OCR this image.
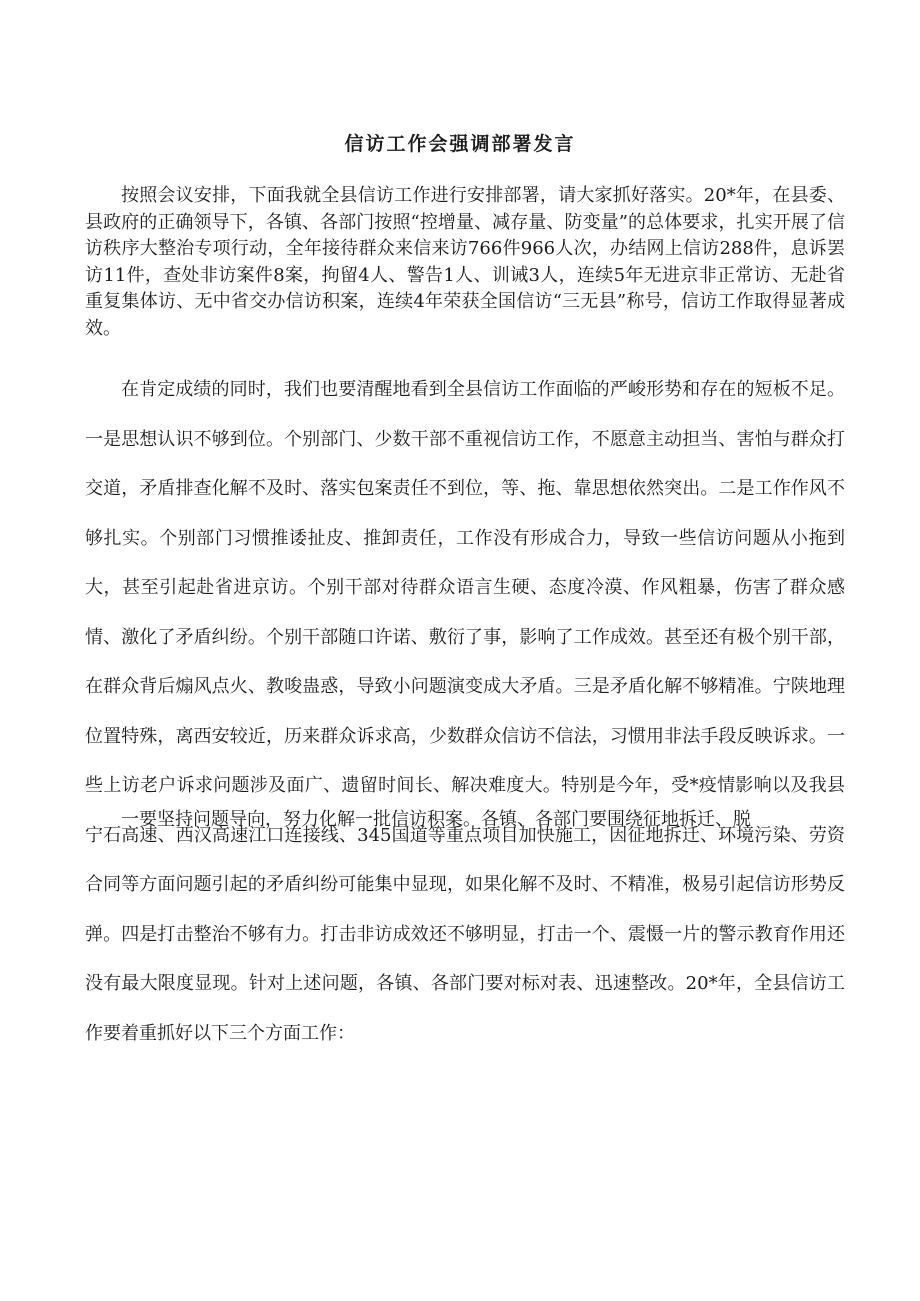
信访工作会强调部署发言

按照会议安排，下面我就全县信访工作进行安排部署，请大家抓好落实。20*年，在县委、县政府的正确领导下，各镇、各部门按照“控增量、减存量、防变量”的总体要求，扎实开展了信访秩序大整治专项行动，全年接待群众来信来访766件966人次，办结网上信访288件，息诉罢访11件，查处非访案件8案，拘留4人、警告1人、训诫3人，连续5年无进京非正常访、无赴省重复集体访、无中省交办信访积案，连续4年荣获全国信访“三无县”称号，信访工作取得显著成效。

在肯定成绩的同时，我们也要清醒地看到全县信访工作面临的严峻形势和存在的短板不足。一是思想认识不够到位。个别部门、少数干部不重视信访工作，不愿意主动担当、害怕与群众打交道，矛盾排查化解不及时、落实包案责任不到位，等、拖、靠思想依然突出。二是工作作风不够扎实。个别部门习惯推诿扯皮、推卸责任，工作没有形成合力，导致一些信访问题从小拖到大，甚至引起赴省进京访。个别干部对待群众语言生硬、态度冷漠、作风粗暴，伤害了群众感情、激化了矛盾纠纷。个别干部随口许诺、敷衍了事，影响了工作成效。甚至还有极个别干部，在群众背后煽风点火、教唆蛊惑，导致小问题演变成大矛盾。三是矛盾化解不够精准。宁陕地理位置特殊，离西安较近，历来群众诉求高，少数群众信访不信法，习惯用非法手段反映诉求。一些上访老户诉求问题涉及面广、遗留时间长、解决难度大。特别是今年，受*疫情影响以及我县宁石高速、西汉高速江口连接线、345国道等重点项目加快施工，因征地拆迁、环境污染、劳资合同等方面问题引起的矛盾纠纷可能集中显现，如果化解不及时、不精准，极易引起信访形势反弹。四是打击整治不够有力。打击非访成效还不够明显，打击一个、震慑一片的警示教育作用还没有最大限度显现。针对上述问题，各镇、各部门要对标对表、迅速整改。20*年，全县信访工作要着重抓好以下三个方面工作：

一要坚持问题导向，努力化解一批信访积案。各镇、各部门要围绕征地拆迁、脱
